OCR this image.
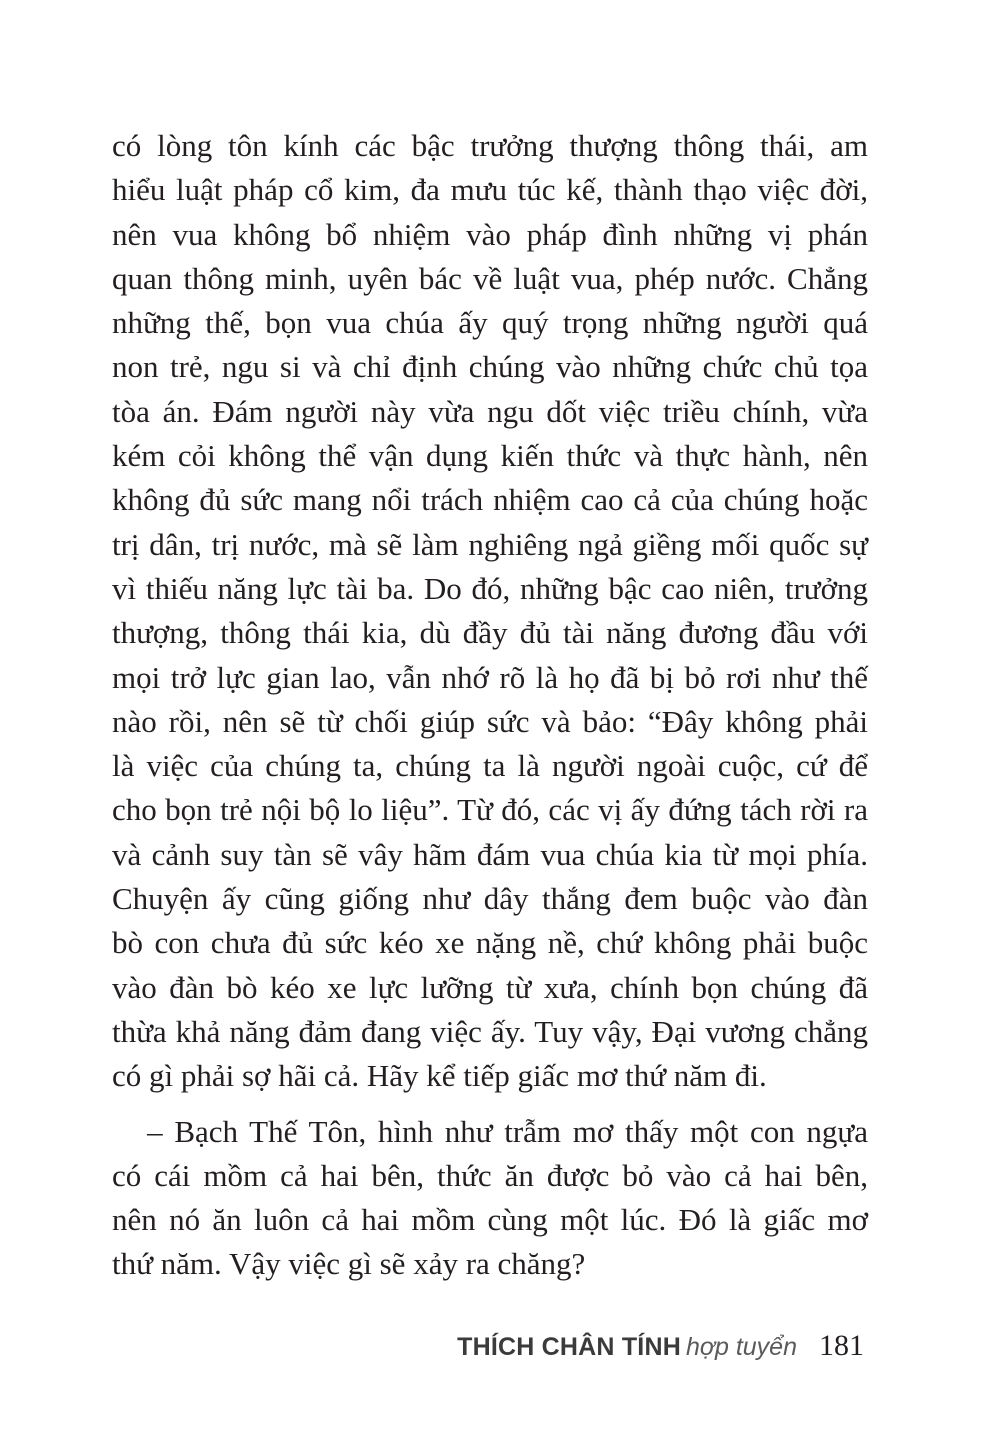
có lòng tôn kính các bậc trưởng thượng thông thái, am
hiểu luật pháp cổ kim, đa mưu túc kế, thành thạo việc đời,
nên vua không bổ nhiệm vào pháp đình những vị phán
quan thông minh, uyên bác về luật vua, phép nước. Chẳng
những thế, bọn vua chúa ấy quý trọng những người quá
non trẻ, ngu si và chỉ định chúng vào những chức chủ tọa
tòa án. Đám người này vừa ngu dốt việc triều chính, vừa
kém cỏi không thể vận dụng kiến thức và thực hành, nên
không đủ sức mang nổi trách nhiệm cao cả của chúng hoặc
trị dân, trị nước, mà sẽ làm nghiêng ngả giềng mối quốc sự
vì thiếu năng lực tài ba. Do đó, những bậc cao niên, trưởng
thượng, thông thái kia, dù đầy đủ tài năng đương đầu với
mọi trở lực gian lao, vẫn nhớ rõ là họ đã bị bỏ rơi như thế
nào rồi, nên sẽ từ chối giúp sức và bảo: “Đây không phải
là việc của chúng ta, chúng ta là người ngoài cuộc, cứ để
cho bọn trẻ nội bộ lo liệu”. Từ đó, các vị ấy đứng tách rời ra
và cảnh suy tàn sẽ vây hãm đám vua chúa kia từ mọi phía.
Chuyện ấy cũng giống như dây thắng đem buộc vào đàn
bò con chưa đủ sức kéo xe nặng nề, chứ không phải buộc
vào đàn bò kéo xe lực lưỡng từ xưa, chính bọn chúng đã
thừa khả năng đảm đang việc ấy. Tuy vậy, Đại vương chẳng
có gì phải sợ hãi cả. Hãy kể tiếp giấc mơ thứ năm đi.
– Bạch Thế Tôn, hình như trẫm mơ thấy một con ngựa
có cái mồm cả hai bên, thức ăn được bỏ vào cả hai bên,
nên nó ăn luôn cả hai mồm cùng một lúc. Đó là giấc mơ
thứ năm. Vậy việc gì sẽ xảy ra chăng?
THÍCH CHÂN TÍNH hợp tuyển 181
